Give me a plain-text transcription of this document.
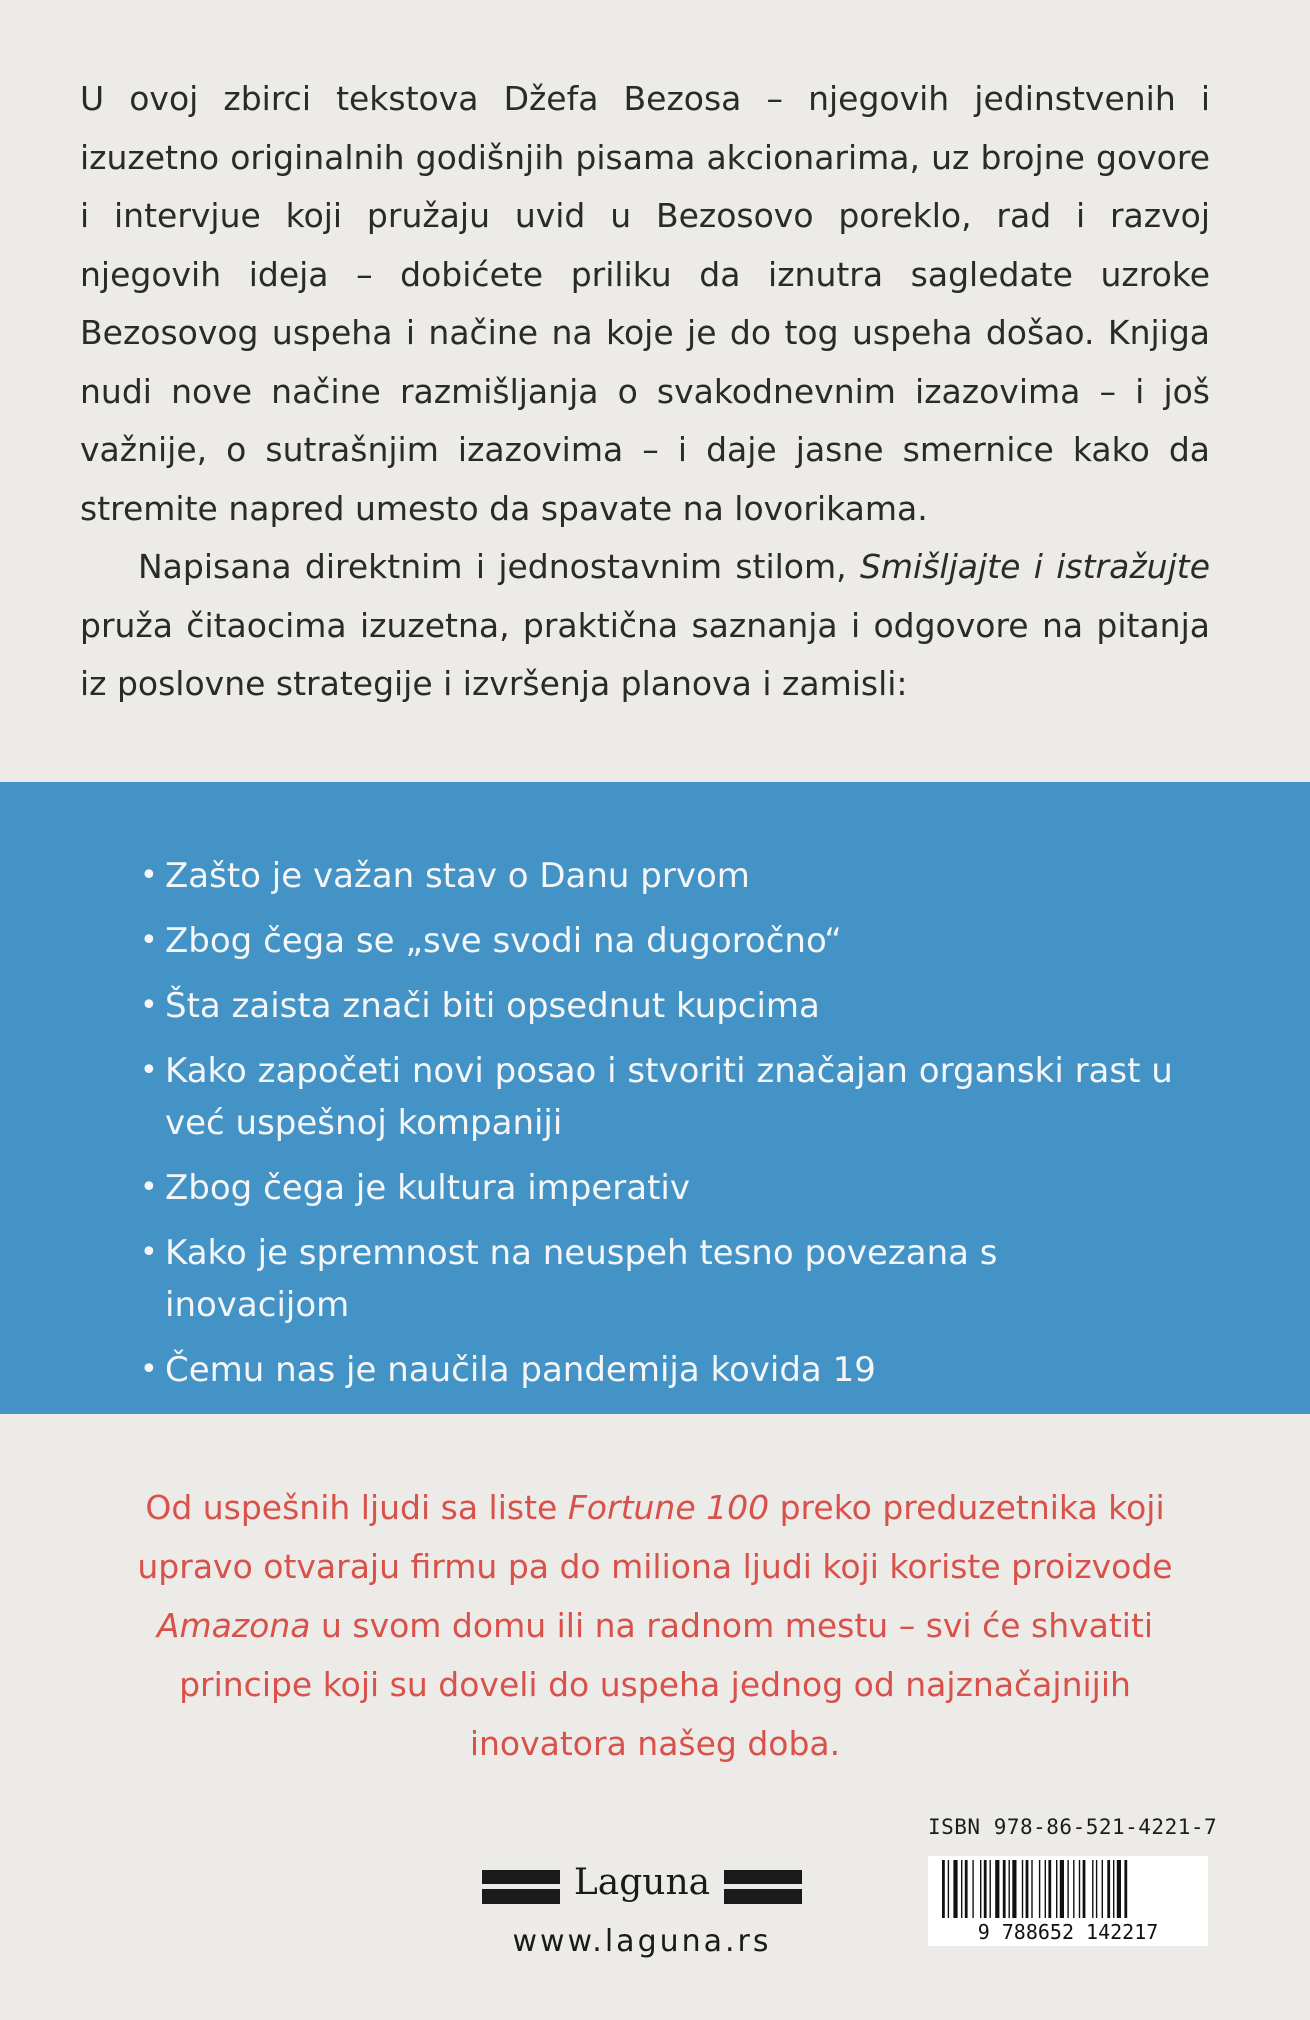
U ovoj zbirci tekstova Džefa Bezosa – njegovih jedinstvenih i izuzetno originalnih godišnjih pisama akcionarima, uz brojne govore i intervjue koji pružaju uvid u Bezosovo poreklo, rad i razvoj njegovih ideja – dobićete priliku da iznutra sagledate uzroke Bezosovog uspeha i načine na koje je do tog uspeha došao. Knjiga nudi nove načine razmišljanja o svakodnevnim izazovima – i još važnije, o sutrašnjim izazovima – i daje jasne smernice kako da stremite napred umesto da spavate na lovorikama.

Napisana direktnim i jednostavnim stilom, Smišljajte i istražujte pruža čitaocima izuzetna, praktična saznanja i odgovore na pitanja iz poslovne strategije i izvršenja planova i zamisli:

• Zašto je važan stav o Danu prvom
• Zbog čega se „sve svodi na dugoročno“
• Šta zaista znači biti opsednut kupcima
• Kako započeti novi posao i stvoriti značajan organski rast u već uspešnoj kompaniji
• Zbog čega je kultura imperativ
• Kako je spremnost na neuspeh tesno povezana s inovacijom
• Čemu nas je naučila pandemija kovida 19
Od uspešnih ljudi sa liste Fortune 100 preko preduzetnika koji upravo otvaraju firmu pa do miliona ljudi koji koriste proizvode Amazona u svom domu ili na radnom mestu – svi će shvatiti principe koji su doveli do uspeha jednog od najznačajnijih inovatora našeg doba.
ISBN 978-86-521-4221-7
9 788652 142217
Laguna
www.laguna.rs
